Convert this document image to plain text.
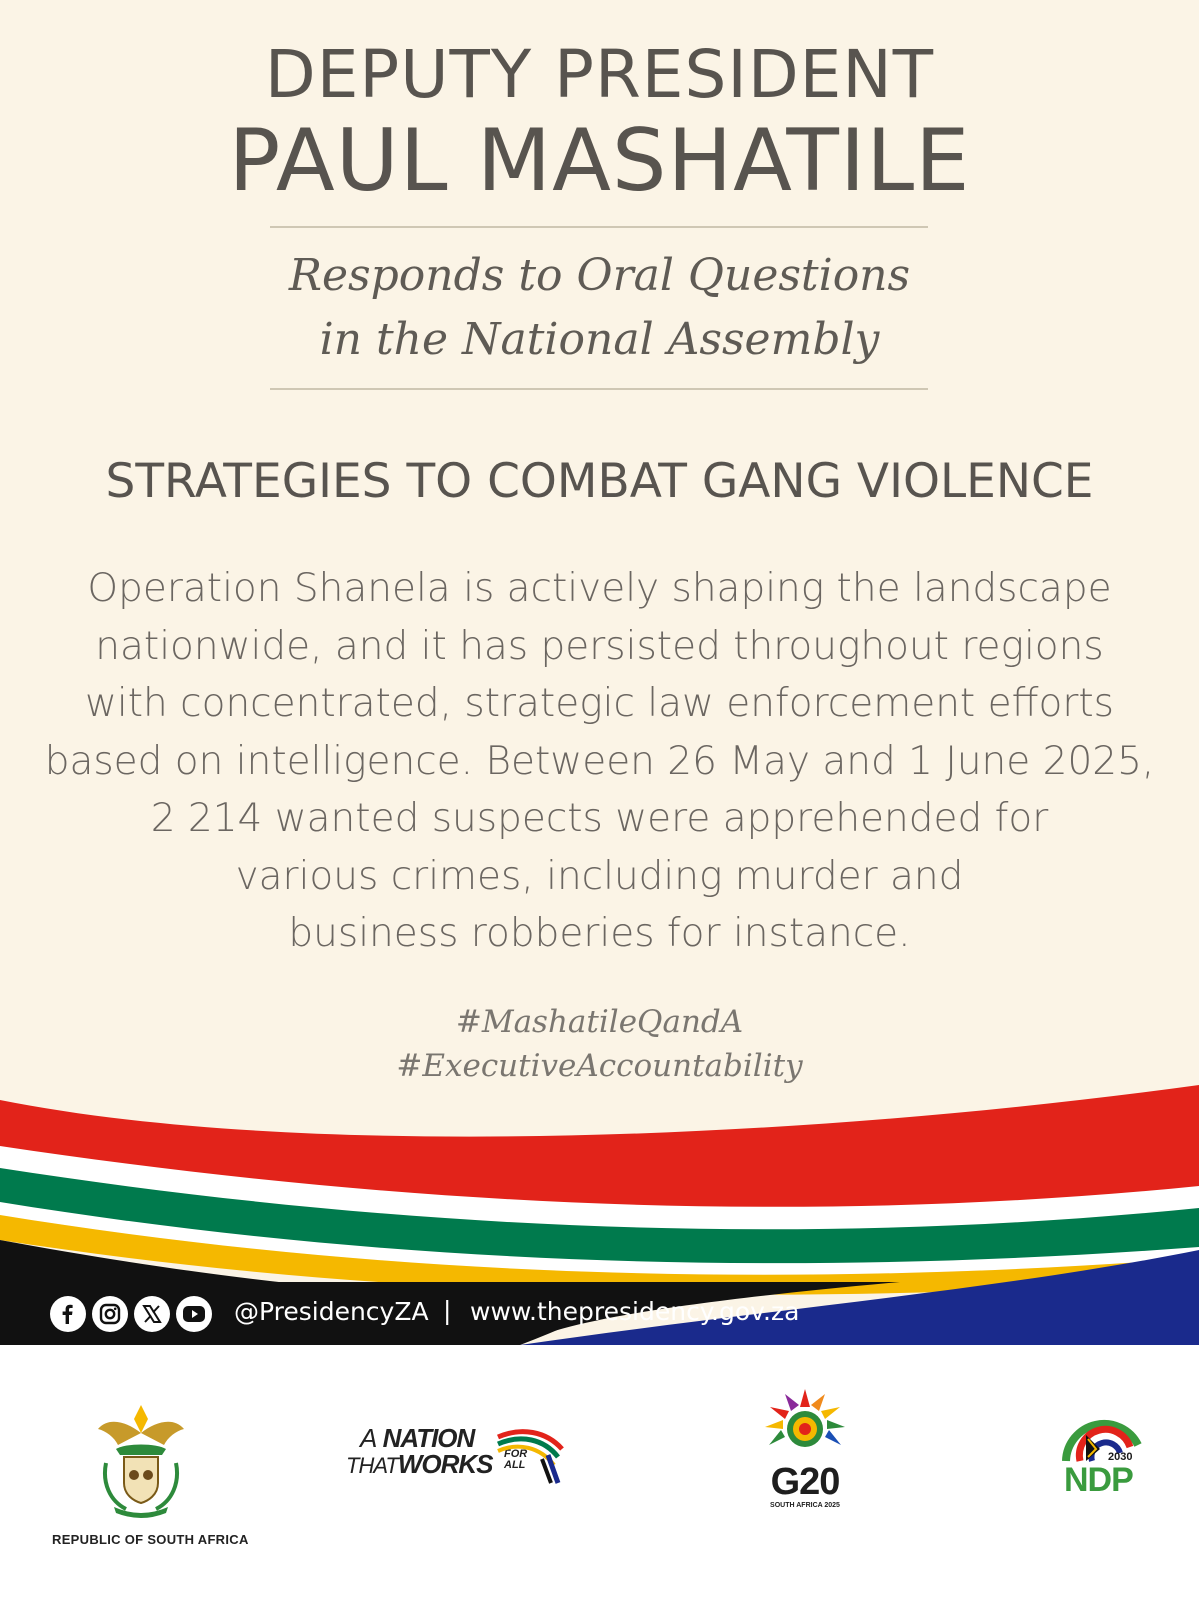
DEPUTY PRESIDENT
PAUL MASHATILE
Responds to Oral Questions
in the National Assembly
STRATEGIES TO COMBAT GANG VIOLENCE
Operation Shanela is actively shaping the landscape
nationwide, and it has persisted throughout regions
with concentrated, strategic law enforcement efforts
based on intelligence. Between 26 May and 1 June 2025,
2 214 wanted suspects were apprehended for
various crimes, including murder and
business robberies for instance.
#MashatileQandA
#ExecutiveAccountability
@PresidencyZA | www.thepresidency.gov.za
REPUBLIC OF SOUTH AFRICA
A NATION
THATWORKS FOR
ALL	G20
SOUTH AFRICA 2025
2030
NDP
